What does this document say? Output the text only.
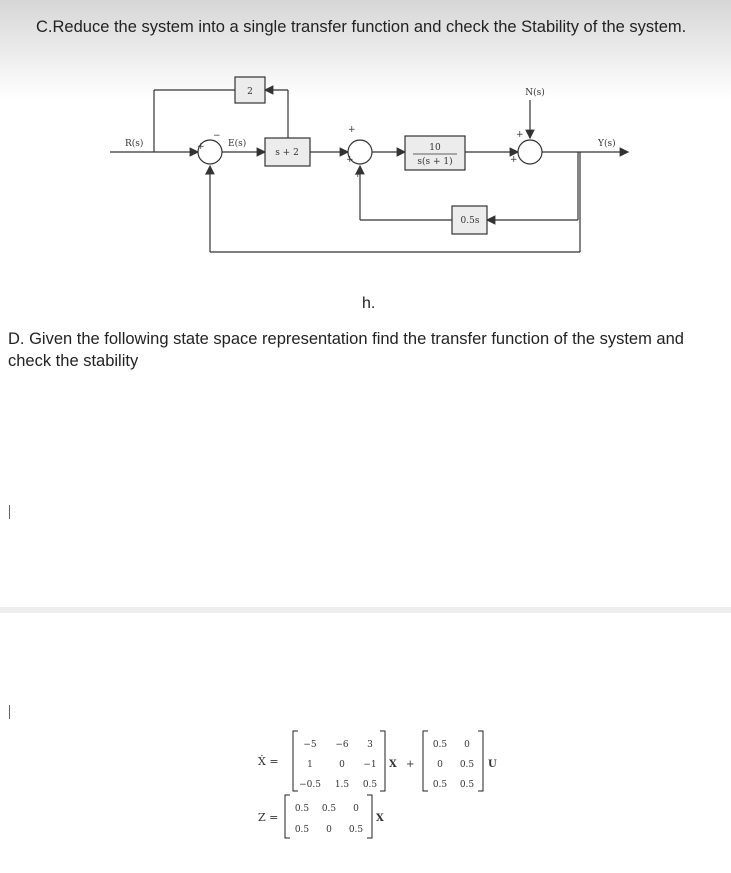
C.Reduce the system into a single transfer function and check the Stability of the system.
R(s)	E(s)
2
s + 2	10
s(s + 1)
0.5s
N(s)
Y(s)
+
−
−
+
+
+
+
+
h.
D. Given the following state space representation find the transfer function of the system and check the stability
Ẋ =
Z =
−5 −6 3
1	0 −1
−0.5 1.5 0.5
X +
0.5 0
0 0.5
0.5 0.5
U
0.5 0.5 0
0.5 0 0.5
X
